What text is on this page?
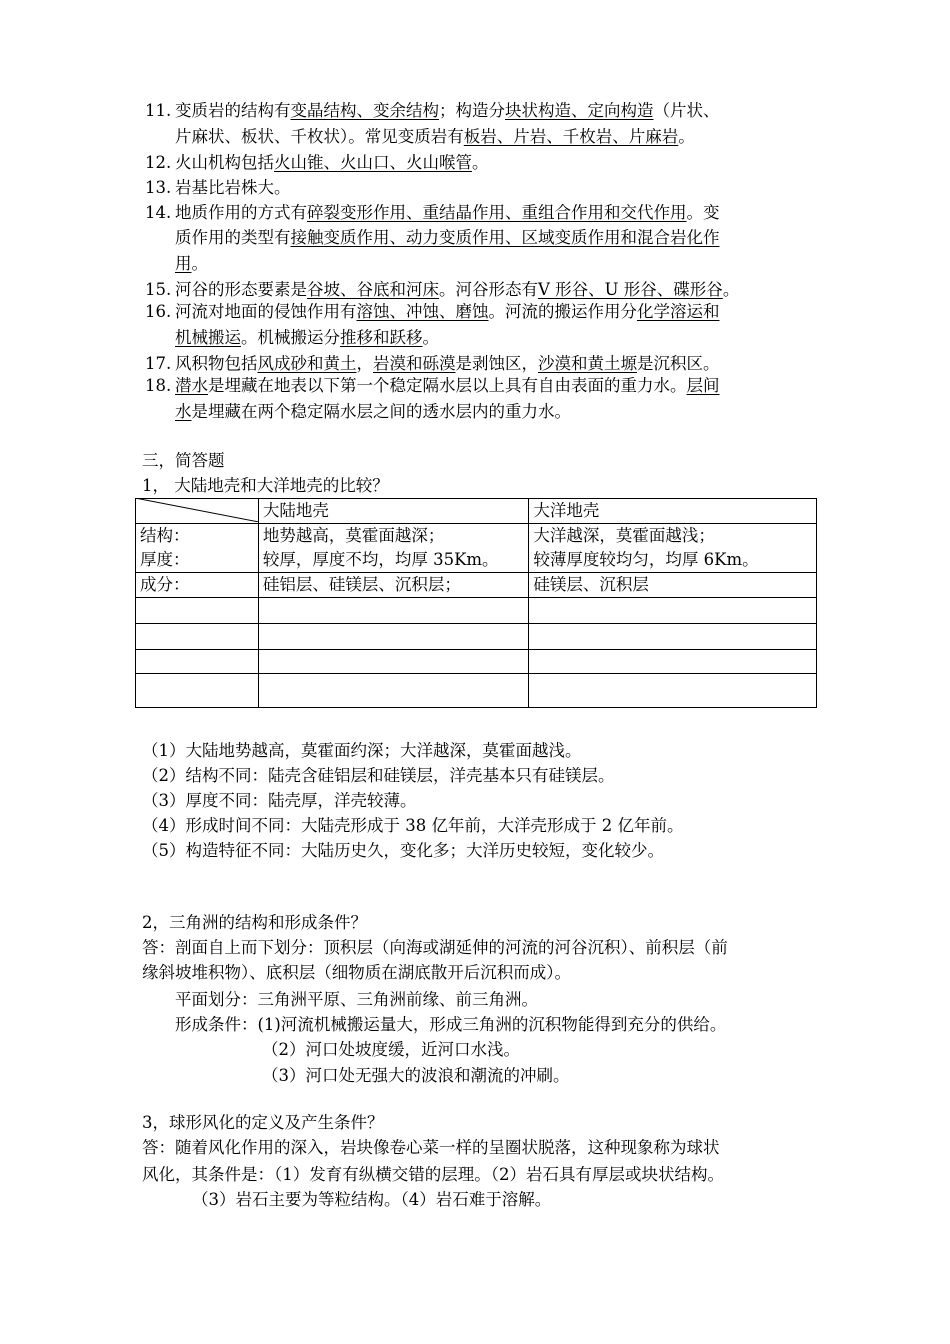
11. 变质岩的结构有变晶结构、变余结构；构造分块状构造、定向构造（片状、
片麻状、板状、千枚状）。常见变质岩有板岩、片岩、千枚岩、片麻岩。
12. 火山机构包括火山锥、火山口、火山喉管。
13. 岩基比岩株大。
14. 地质作用的方式有碎裂变形作用、重结晶作用、重组合作用和交代作用。变
质作用的类型有接触变质作用、动力变质作用、区域变质作用和混合岩化作
用。
15. 河谷的形态要素是谷坡、谷底和河床。河谷形态有V 形谷、U 形谷、碟形谷。
16. 河流对地面的侵蚀作用有溶蚀、冲蚀、磨蚀。河流的搬运作用分化学溶运和
机械搬运。机械搬运分推移和跃移。
17. 风积物包括风成砂和黄土，岩漠和砾漠是剥蚀区，沙漠和黄土塬是沉积区。
18. 潜水是埋藏在地表以下第一个稳定隔水层以上具有自由表面的重力水。层间
水是埋藏在两个稳定隔水层之间的透水层内的重力水。
三，简答题
1， 大陆地壳和大洋地壳的比较？
	大陆地壳	大洋地壳
结构：	地势越高，莫霍面越深；	大洋越深，莫霍面越浅；
厚度：	较厚，厚度不均，均厚 35Km。	较薄厚度较均匀，均厚 6Km。
成分：	硅铝层、硅镁层、沉积层；	硅镁层、沉积层

（1）大陆地势越高，莫霍面约深；大洋越深，莫霍面越浅。
（2）结构不同：陆壳含硅铝层和硅镁层，洋壳基本只有硅镁层。
（3）厚度不同：陆壳厚，洋壳较薄。
（4）形成时间不同：大陆壳形成于 38 亿年前，大洋壳形成于 2 亿年前。
（5）构造特征不同：大陆历史久，变化多；大洋历史较短，变化较少。
2，三角洲的结构和形成条件？
答：剖面自上而下划分：顶积层（向海或湖延伸的河流的河谷沉积）、前积层（前
缘斜坡堆积物）、底积层（细物质在湖底散开后沉积而成）。
平面划分：三角洲平原、三角洲前缘、前三角洲。
形成条件：(1)河流机械搬运量大，形成三角洲的沉积物能得到充分的供给。
（2）河口处坡度缓，近河口水浅。
（3）河口处无强大的波浪和潮流的冲刷。
3，球形风化的定义及产生条件？
答：随着风化作用的深入，岩块像卷心菜一样的呈圈状脱落，这种现象称为球状
风化，其条件是：（1）发育有纵横交错的层理。（2）岩石具有厚层或块状结构。
（3）岩石主要为等粒结构。（4）岩石难于溶解。
